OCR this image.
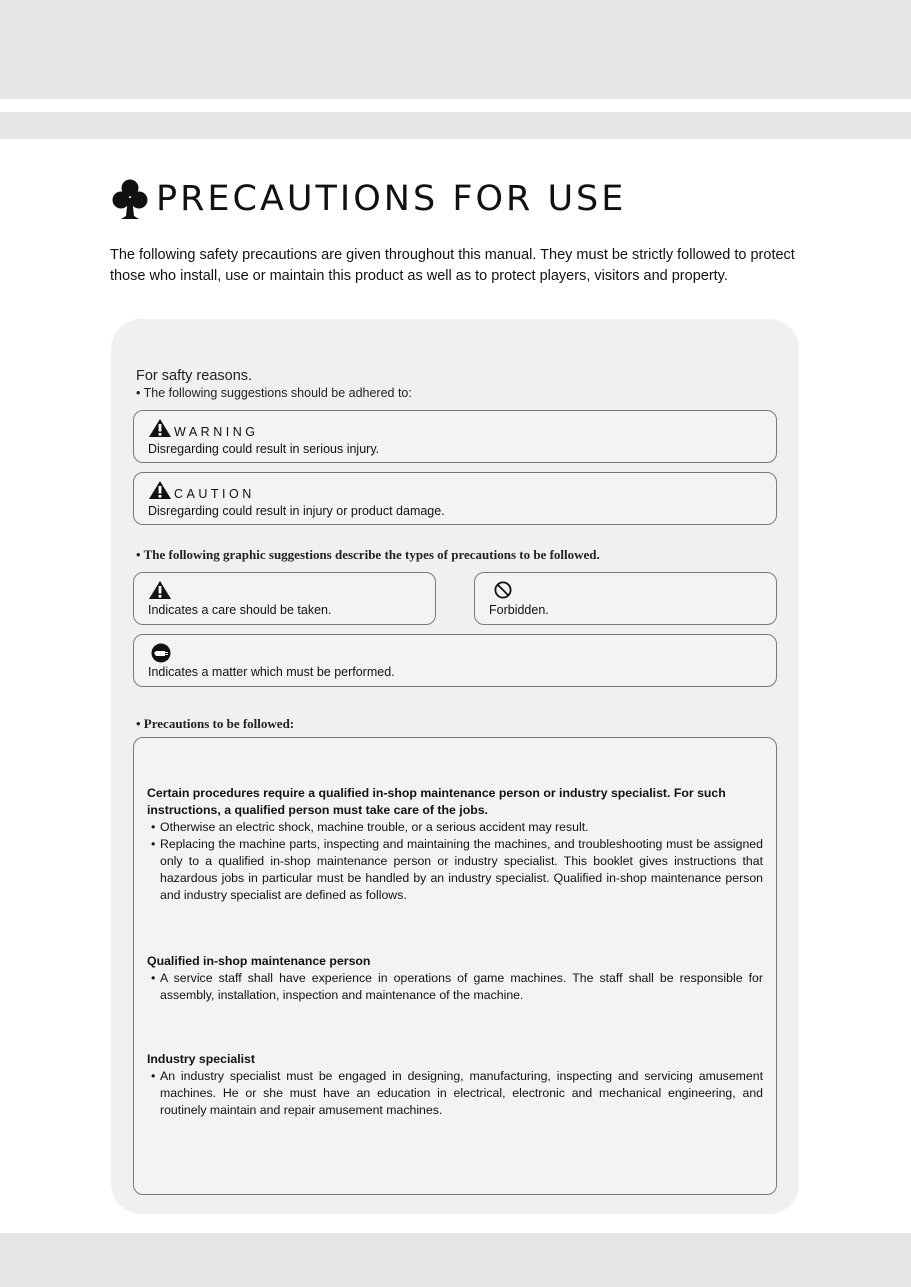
PRECAUTIONS FOR USE
The following safety precautions are given throughout this manual. They must be strictly followed to protect those who install, use or maintain this product as well as to protect players, visitors and property.
For safty reasons.
• The following suggestions should be adhered to:
WARNING
Disregarding could result in serious injury.
CAUTION
Disregarding could result in injury or product damage.
• The following graphic suggestions describe the types of precautions to be followed.
Indicates a care should be taken.	Forbidden.
Indicates a matter which must be performed.
• Precautions to be followed:
Certain procedures require a qualified in-shop maintenance person or industry specialist. For such instructions, a qualified person must take care of the jobs.
• Otherwise an electric shock, machine trouble, or a serious accident may result.
• Replacing the machine parts, inspecting and maintaining the machines, and troubleshooting must be assigned only to a qualified in-shop maintenance person or industry specialist. This booklet gives instructions that hazardous jobs in particular must be handled by an industry specialist. Qualified in-shop maintenance person and industry specialist are defined as follows.
Qualified in-shop maintenance person
• A service staff shall have experience in operations of game machines. The staff shall be responsible for assembly, installation, inspection and maintenance of the machine.
Industry specialist
• An industry specialist must be engaged in designing, manufacturing, inspecting and servicing amusement machines. He or she must have an education in electrical, electronic and mechanical engineering, and routinely maintain and repair amusement machines.
